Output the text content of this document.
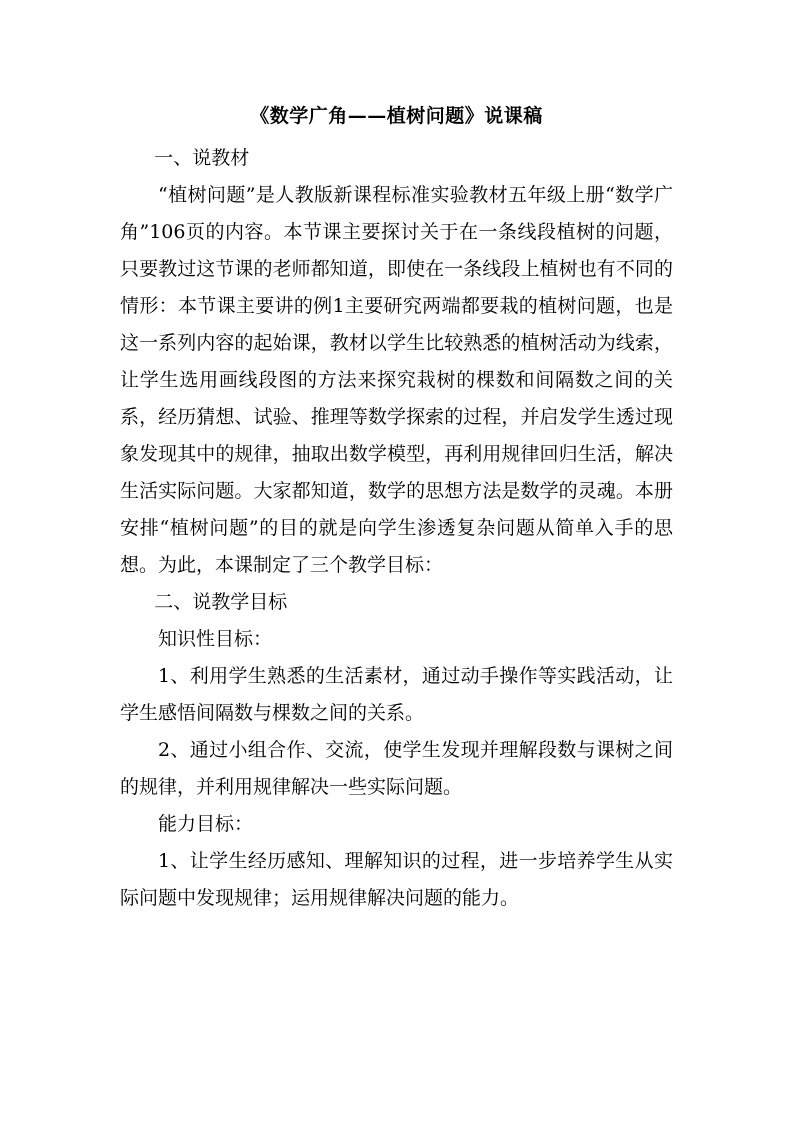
《数学广角——植树问题》说课稿

一、说教材

“植树问题”是人教版新课程标准实验教材五年级上册“数学广角”106页的内容。本节课主要探讨关于在一条线段植树的问题，只要教过这节课的老师都知道，即使在一条线段上植树也有不同的情形：本节课主要讲的例1主要研究两端都要栽的植树问题，也是这一系列内容的起始课，教材以学生比较熟悉的植树活动为线索，让学生选用画线段图的方法来探究栽树的棵数和间隔数之间的关系，经历猜想、试验、推理等数学探索的过程，并启发学生透过现象发现其中的规律，抽取出数学模型，再利用规律回归生活，解决生活实际问题。大家都知道，数学的思想方法是数学的灵魂。本册安排“植树问题”的目的就是向学生渗透复杂问题从简单入手的思想。为此，本课制定了三个教学目标：

二、说教学目标

知识性目标：

1、利用学生熟悉的生活素材，通过动手操作等实践活动，让学生感悟间隔数与棵数之间的关系。

2、通过小组合作、交流，使学生发现并理解段数与课树之间的规律，并利用规律解决一些实际问题。

能力目标：

1、让学生经历感知、理解知识的过程，进一步培养学生从实际问题中发现规律；运用规律解决问题的能力。
